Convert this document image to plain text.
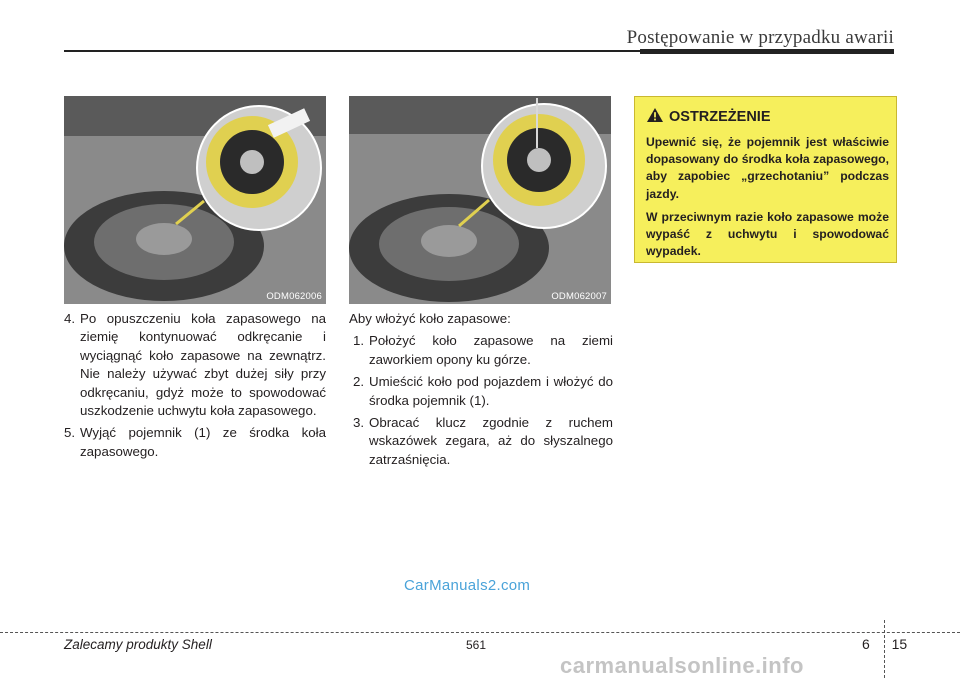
Postępowanie w przypadku awarii
ODM062006	ODM062007
4. Po opuszczeniu koła zapasowego na ziemię kontynuować odkręcanie i wyciągnąć koło zapasowe na zewnątrz. Nie należy używać zbyt dużej siły przy odkręcaniu, gdyż może to spowodować uszkodzenie uchwytu koła zapasowego.
5. Wyjąć pojemnik (1) ze środka koła zapasowego.

Aby włożyć koło zapasowe:

1. Położyć koło zapasowe na ziemi zaworkiem opony ku górze.
2. Umieścić koło pod pojazdem i włożyć do środka pojemnik (1).
3. Obracać klucz zgodnie z ruchem wskazówek zegara, aż do słyszalnego zatrzaśnięcia.
OSTRZEŻENIE

Upewnić się, że pojemnik jest właściwie dopasowany do środka koła zapasowego, aby zapobiec „grzechotaniu” podczas jazdy.

W przeciwnym razie koło zapasowe może wypaść z uchwytu i spowodować wypadek.

CarManuals2.com
Zalecamy produkty Shell	561	6 15
carmanualsonline.info
